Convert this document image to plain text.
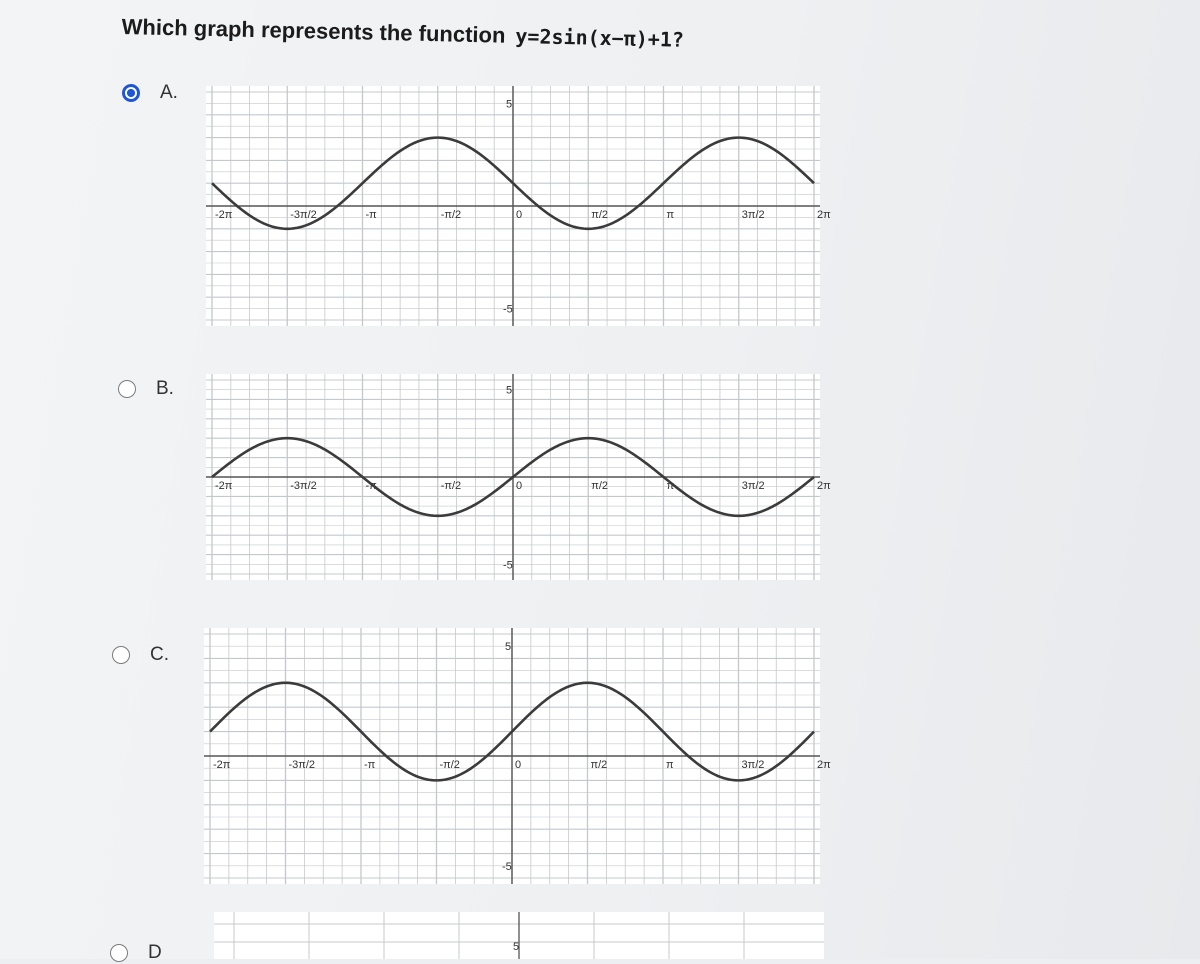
Which graph represents the function y=2sin(x−π)+1?
A.
-2π	-3π/2	-π	-π/2	0	π/2	π	3π/2	2π
5
-5
B.
-2π	-3π/2	-π	-π/2	0	π/2	π	3π/2	2π
5
-5
C.
-2π	-3π/2	-π	-π/2	0	π/2	π	3π/2	2π
5
-5
D	5
